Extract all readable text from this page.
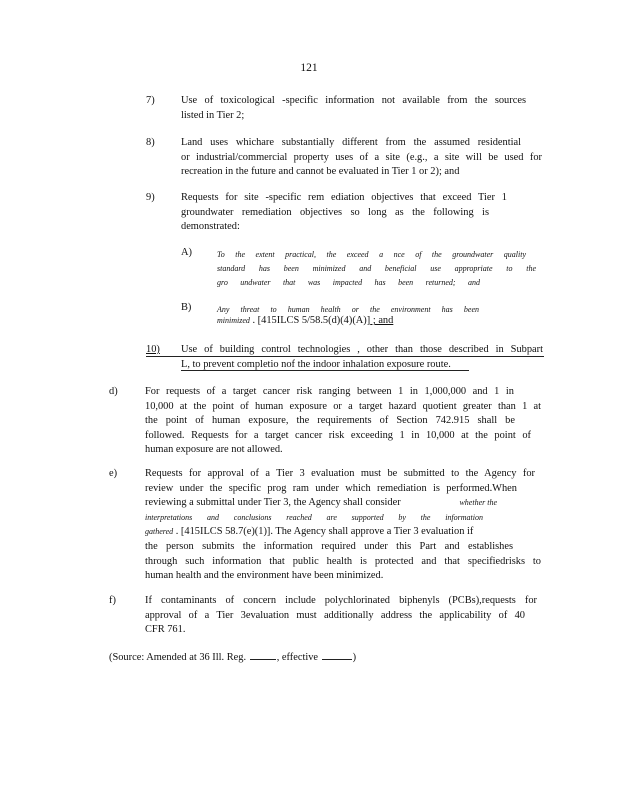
121
7)	Use of toxicological -specific information not available from the sources
listed in Tier 2;
8)	Land uses whichare substantially different from the assumed residential
or industrial/commercial property uses of a site (e.g., a site will be used for
recreation in the future and cannot be evaluated in Tier 1 or 2); and
9)	Requests for site -specific rem ediation objectives that exceed Tier 1
groundwater remediation objectives so long as the following is
demonstrated:
A)	To the extent practical, the exceed a nce of the groundwater quality
standard has been minimized and beneficial use appropriate to the
gro undwater that was impacted has been returned; and
B)	Any threat to human health or the environment has been
minimized . [415ILCS 5/58.5(d)(4)(A)] ; and
10)	Use of building control technologies , other than those described in Subpart
L, to prevent completio nof the indoor inhalation exposure route.
d)	For requests of a target cancer risk ranging between 1 in 1,000,000 and 1 in
10,000 at the point of human exposure or a target hazard quotient greater than 1 at
the point of human exposure, the requirements of Section 742.915 shall be
followed. Requests for a target cancer risk exceeding 1 in 10,000 at the point of
human exposure are not allowed.
e)	Requests for approval of a Tier 3 evaluation must be submitted to the Agency for
review under the specific prog ram under which remediation is performed.When
reviewing a submittal under Tier 3, the Agency shall consider	whether the
interpretations and conclusions reached are supported by the information
gathered . [415ILCS 58.7(e)(1)]. The Agency shall approve a Tier 3 evaluation if
the person submits the information required under this Part and establishes
through such information that public health is protected and that specifiedrisks to
human health and the environment have been minimized.
f)	If contaminants of concern include polychlorinated biphenyls (PCBs),requests for
approval of a Tier 3evaluation must additionally address the applicability of 40
CFR 761.
(Source: Amended at 36 Ill. Reg.	, effective	)
